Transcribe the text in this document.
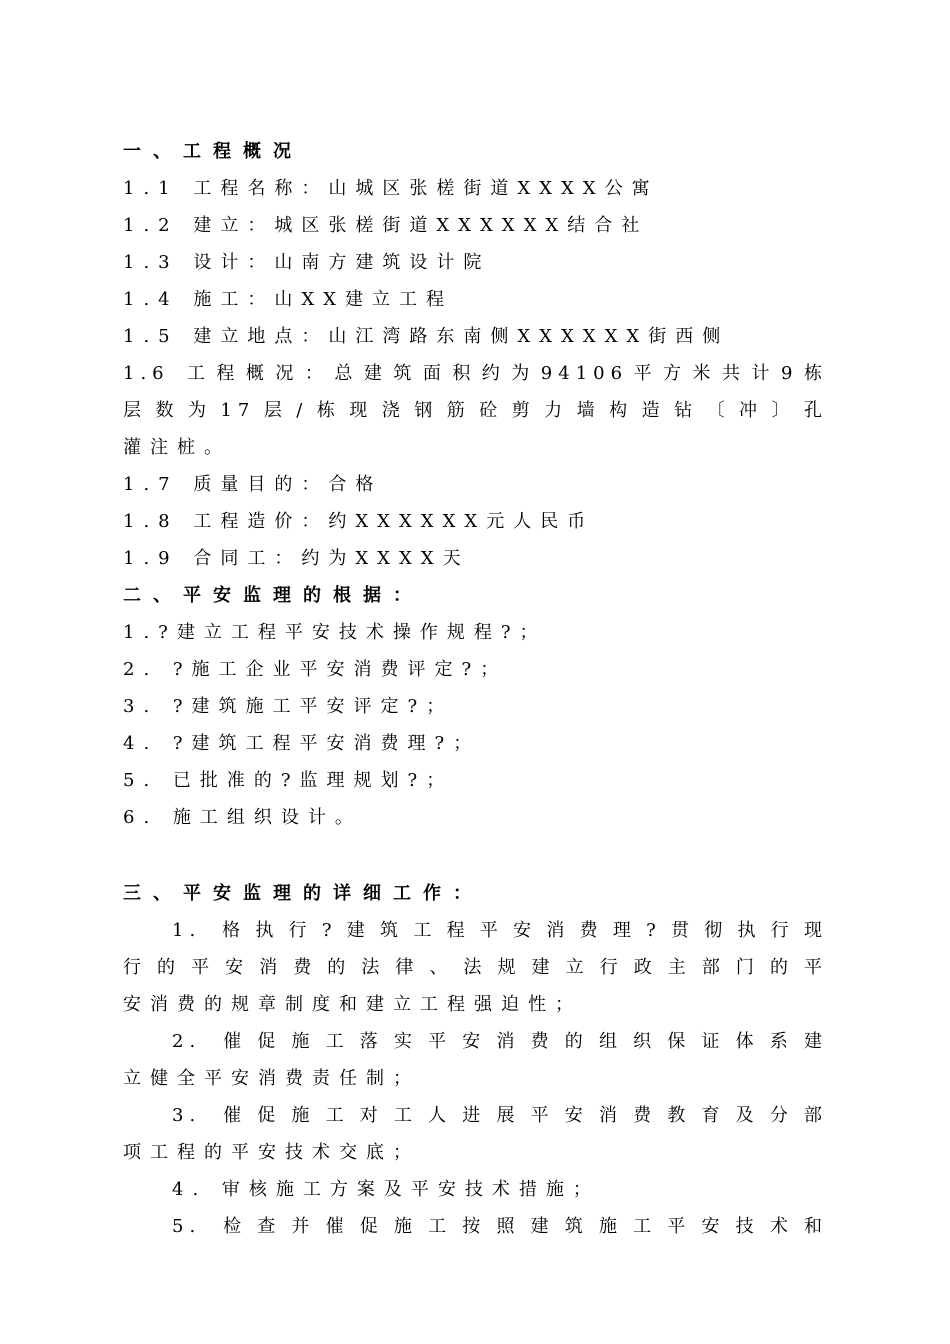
一、工程概况
1.1 工程名称：山城区张槎街道XXXX公寓
1.2 建立：城区张槎街道XXXXXX结合社
1.3 设计：山南方建筑设计院
1.4 施工：山XX建立工程
1.5 建立地点：山江湾路东南侧XXXXXX街西侧
1.6 工程概况：总建筑面积约为94106平方米共计9栋
层数为17层/栋现浇钢筋砼剪力墙构造钻〔冲〕孔
灌注桩。
1.7 质量目的：合格
1.8 工程造价：约XXXXXX元人民币
1.9 合同工：约为XXXX天
二、平安监理的根据：
1.?建立工程平安技术操作规程?；
2. ?施工企业平安消费评定?；
3. ?建筑施工平安评定?；
4. ?建筑工程平安消费理?；
5. 已批准的?监理规划?；
6. 施工组织设计。
三、平安监理的详细工作：
1. 格执行?建筑工程平安消费理?贯彻执行现
行的平安消费的法律、法规建立行政主部门的平
安消费的规章制度和建立工程强迫性；
2. 催促施工落实平安消费的组织保证体系建
立健全平安消费责任制；
3. 催促施工对工人进展平安消费教育及分部
项工程的平安技术交底；
4. 审核施工方案及平安技术措施；
5. 检查并催促施工按照建筑施工平安技术和
